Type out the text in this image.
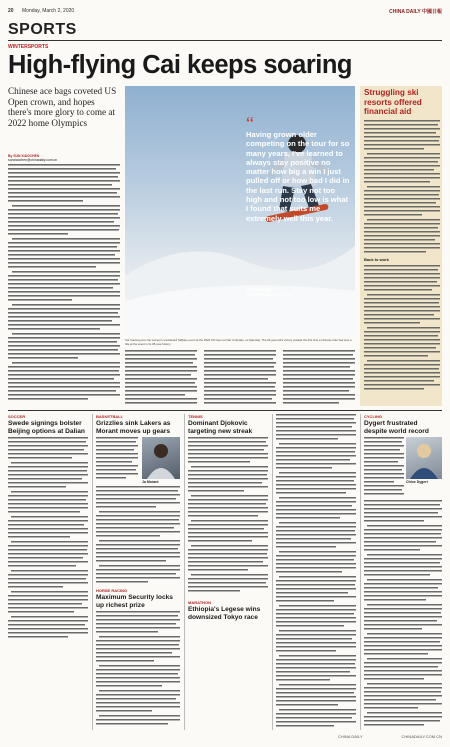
20 Monday, March 2, 2020	CHINA DAILY 中國日報
SPORTS
WINTERSPORTS
High-flying Cai keeps soaring
Chinese ace bags coveted US Open crown, and hopes there's more glory to come at 2022 home Olympics
By SUN XIAOCHEN
sunxiaochen@chinadaily.com.cn
“
Having grown older competing on the tour for so many years, I've learned to always stay positive no matter how big a win I just pulled off or how bad I did in the last run. Stay not too high and not too low is what I found that suits me extremely well this year.
Cai Xuetong,
Chinese snowboard star
Cai Xuetong won the women's snowboard halfpipe event at the 2020 US Open at Vail, Colorado, on Saturday. The 26-year-old's victory marked the first time a Chinese rider has won a title at the event in its 38-year history.
Struggling ski resorts offered financial aid
Back to work
SOCCER
Swede signings bolster Beijing options at Dalian
BASKETBALL
Grizzlies sink Lakers as Morant moves up gears
Ja Morant
HORSE RACING
Maximum Security locks up richest prize
TENNIS
Dominant Djokovic targeting new streak
MARATHON
Ethiopia's Legese wins downsized Tokyo race
CYCLING
Dygert frustrated despite world record
Chloe Dygert
CHINA DAILY	CHINADAILY.COM.CN
